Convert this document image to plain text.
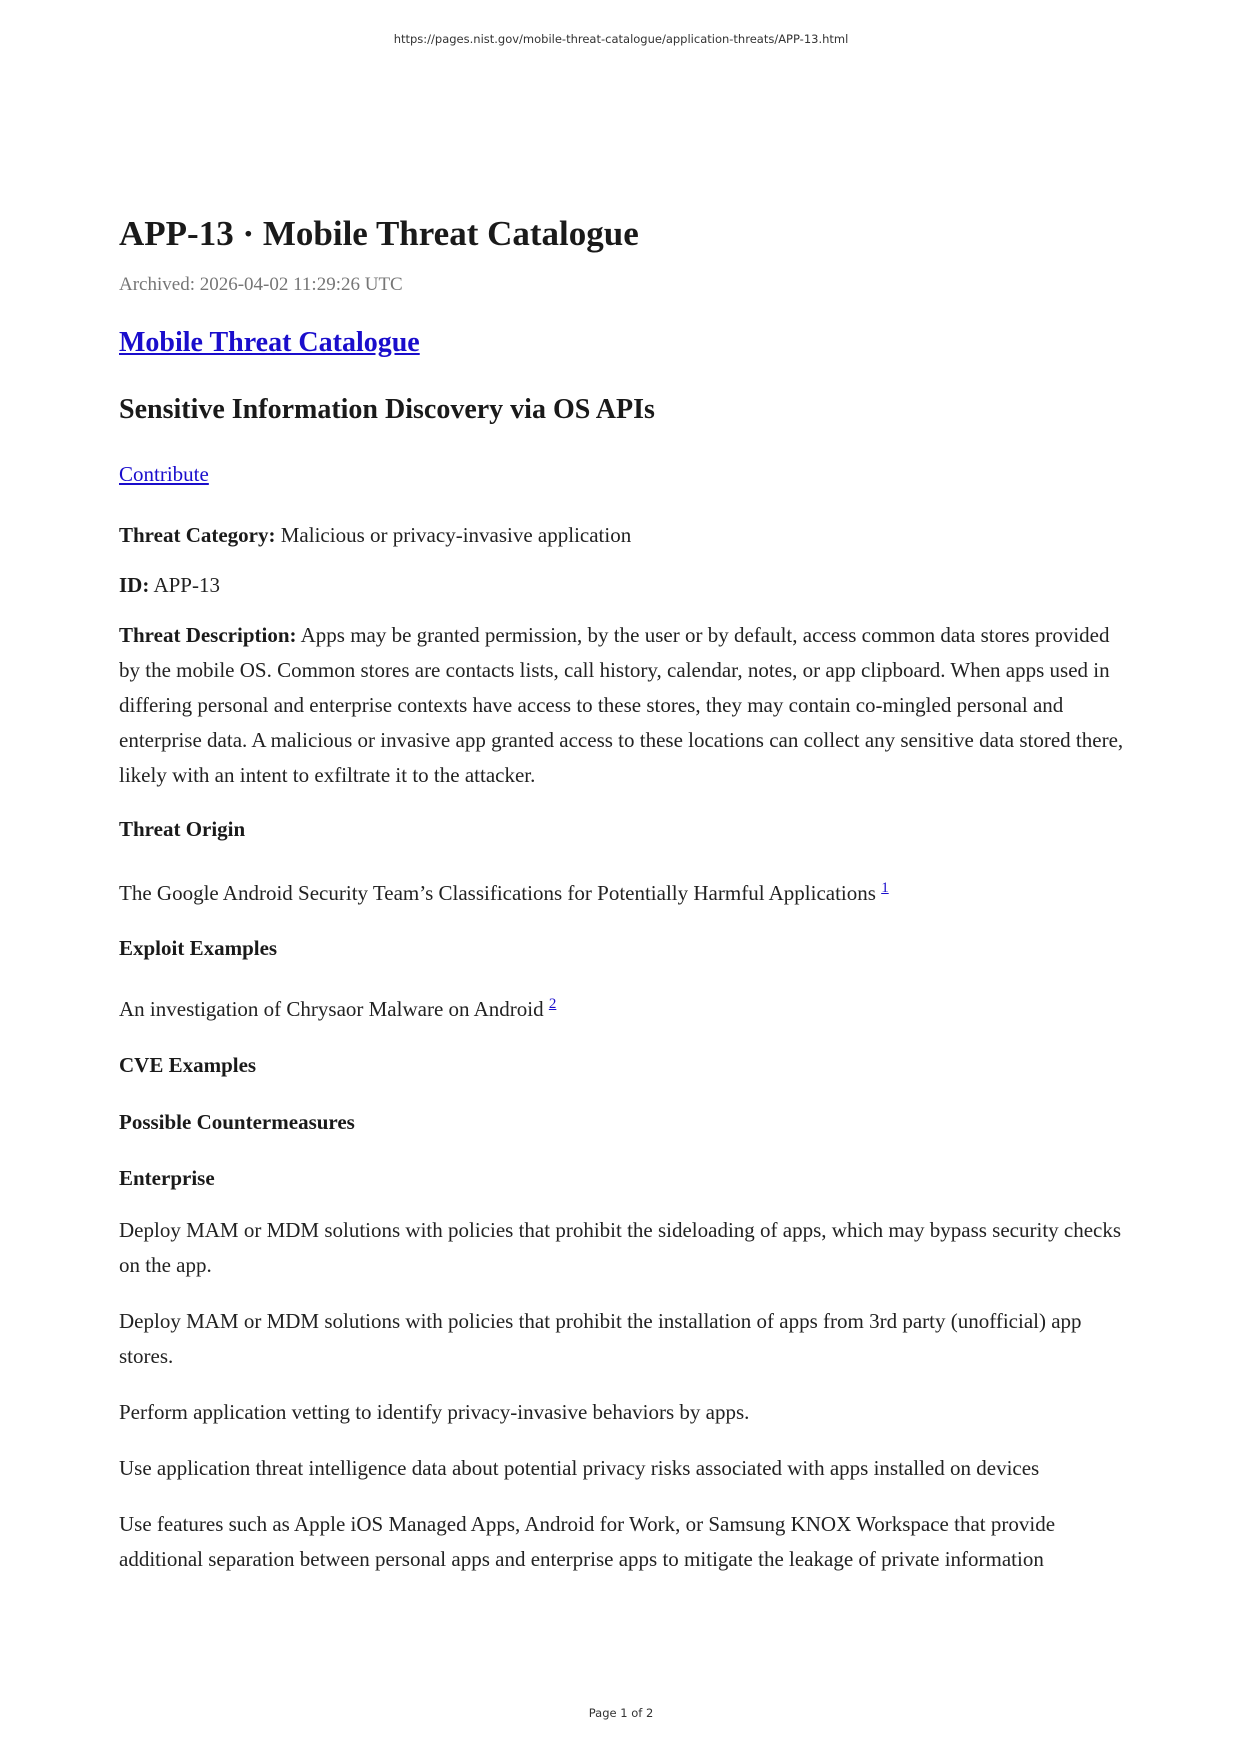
https://pages.nist.gov/mobile-threat-catalogue/application-threats/APP-13.html
APP-13 · Mobile Threat Catalogue
Archived: 2026-04-02 11:29:26 UTC
Mobile Threat Catalogue
Sensitive Information Discovery via OS APIs
Contribute

Threat Category: Malicious or privacy-invasive application

ID: APP-13

Threat Description: Apps may be granted permission, by the user or by default, access common data stores provided by the mobile OS. Common stores are contacts lists, call history, calendar, notes, or app clipboard. When apps used in differing personal and enterprise contexts have access to these stores, they may contain co-mingled personal and enterprise data. A malicious or invasive app granted access to these locations can collect any sensitive data stored there, likely with an intent to exfiltrate it to the attacker.

Threat Origin

The Google Android Security Team’s Classifications for Potentially Harmful Applications $^1$

Exploit Examples

An investigation of Chrysaor Malware on Android $^2$

CVE Examples
Possible Countermeasures
Enterprise

Deploy MAM or MDM solutions with policies that prohibit the sideloading of apps, which may bypass security checks on the app.

Deploy MAM or MDM solutions with policies that prohibit the installation of apps from 3rd party (unofficial) app stores.

Perform application vetting to identify privacy-invasive behaviors by apps.

Use application threat intelligence data about potential privacy risks associated with apps installed on devices

Use features such as Apple iOS Managed Apps, Android for Work, or Samsung KNOX Workspace that provide additional separation between personal apps and enterprise apps to mitigate the leakage of private information

Page 1 of 2
